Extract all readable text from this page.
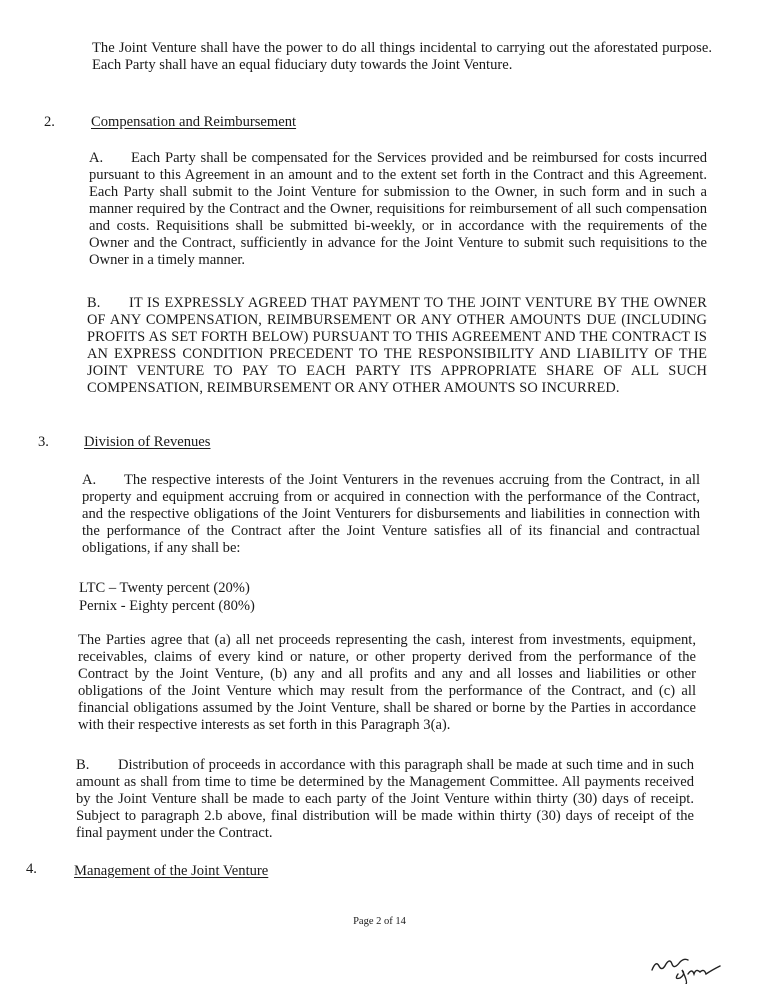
The Joint Venture shall have the power to do all things incidental to carrying out the aforestated purpose. Each Party shall have an equal fiduciary duty towards the Joint Venture.

2. Compensation and Reimbursement

A. Each Party shall be compensated for the Services provided and be reimbursed for costs incurred pursuant to this Agreement in an amount and to the extent set forth in the Contract and this Agreement. Each Party shall submit to the Joint Venture for submission to the Owner, in such form and in such a manner required by the Contract and the Owner, requisitions for reimbursement of all such compensation and costs. Requisitions shall be submitted bi-weekly, or in accordance with the requirements of the Owner and the Contract, sufficiently in advance for the Joint Venture to submit such requisitions to the Owner in a timely manner.

B. IT IS EXPRESSLY AGREED THAT PAYMENT TO THE JOINT VENTURE BY THE OWNER OF ANY COMPENSATION, REIMBURSEMENT OR ANY OTHER AMOUNTS DUE (INCLUDING PROFITS AS SET FORTH BELOW) PURSUANT TO THIS AGREEMENT AND THE CONTRACT IS AN EXPRESS CONDITION PRECEDENT TO THE RESPONSIBILITY AND LIABILITY OF THE JOINT VENTURE TO PAY TO EACH PARTY ITS APPROPRIATE SHARE OF ALL SUCH COMPENSATION, REIMBURSEMENT OR ANY OTHER AMOUNTS SO INCURRED.

3. Division of Revenues

A. The respective interests of the Joint Venturers in the revenues accruing from the Contract, in all property and equipment accruing from or acquired in connection with the performance of the Contract, and the respective obligations of the Joint Venturers for disbursements and liabilities in connection with the performance of the Contract after the Joint Venture satisfies all of its financial and contractual obligations, if any shall be:

LTC – Twenty percent (20%)
Pernix - Eighty percent (80%)

The Parties agree that (a) all net proceeds representing the cash, interest from investments, equipment, receivables, claims of every kind or nature, or other property derived from the performance of the Contract by the Joint Venture, (b) any and all profits and any and all losses and liabilities or other obligations of the Joint Venture which may result from the performance of the Contract, and (c) all financial obligations assumed by the Joint Venture, shall be shared or borne by the Parties in accordance with their respective interests as set forth in this Paragraph 3(a).

B. Distribution of proceeds in accordance with this paragraph shall be made at such time and in such amount as shall from time to time be determined by the Management Committee. All payments received by the Joint Venture shall be made to each party of the Joint Venture within thirty (30) days of receipt. Subject to paragraph 2.b above, final distribution will be made within thirty (30) days of receipt of the final payment under the Contract.

4.	Management of the Joint Venture
Page 2 of 14
